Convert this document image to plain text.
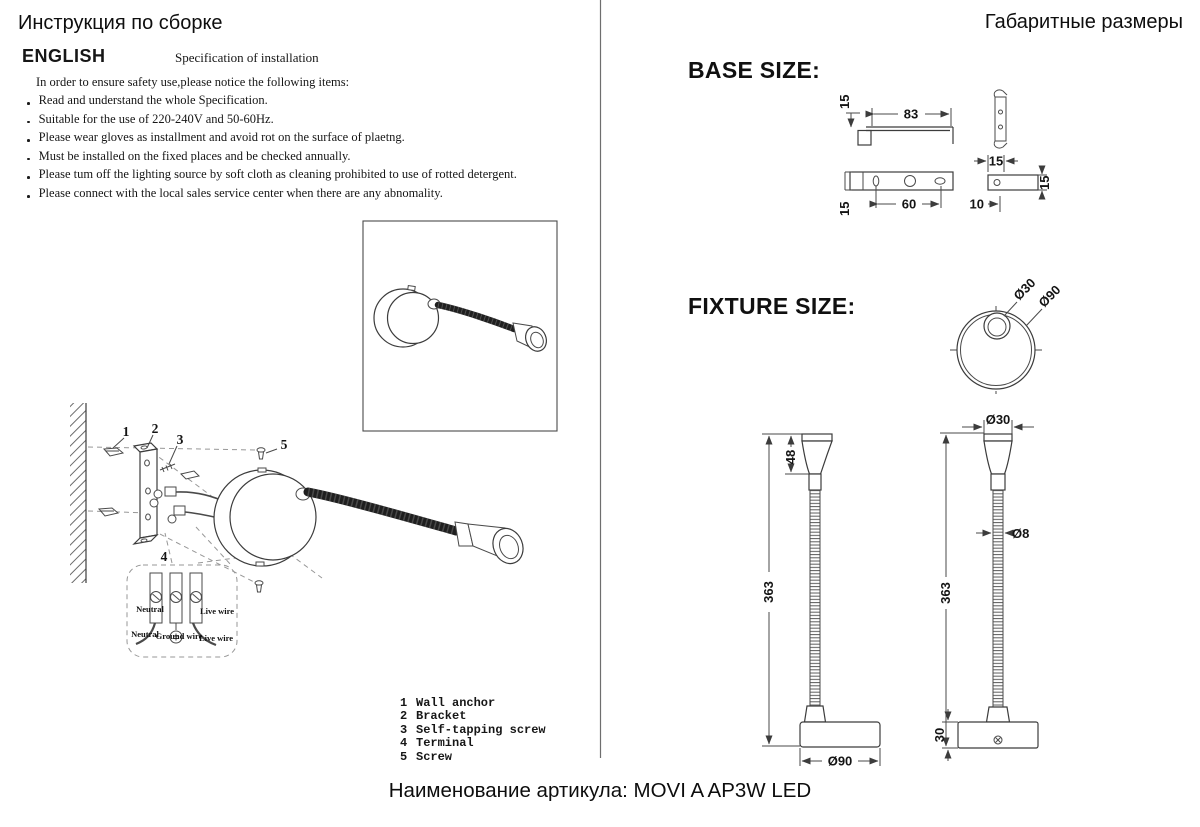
Инструкция по сборке	Габаритные размеры
ENGLISH	Specification of installation
In order to ensure safety use,please notice the following items:
Read and understand the whole Specification.
Suitable for the use of 220-240V and 50-60Hz.
Please wear gloves as installment and avoid rot on the surface of plaetng.
Must be installed on the fixed places and be checked annually.
Please tum off the lighting source by soft cloth as cleaning prohibited to use of rotted detergent.
Please connect with the local sales service center when there are any abnomality.
BASE SIZE:
FIXTURE SIZE:
1 Wall anchor
2 Bracket
3 Self-tapping screw
4 Terminal
5 Screw
Наименование артикула: MOVI A AP3W LED
1 2
3
4
5
Neutral	Live wire
Neutral
Ground wire
Live wire
15
83
15	60
15
15
10
Ø30
Ø90
363
48
Ø90
Ø30
363
Ø8
30
